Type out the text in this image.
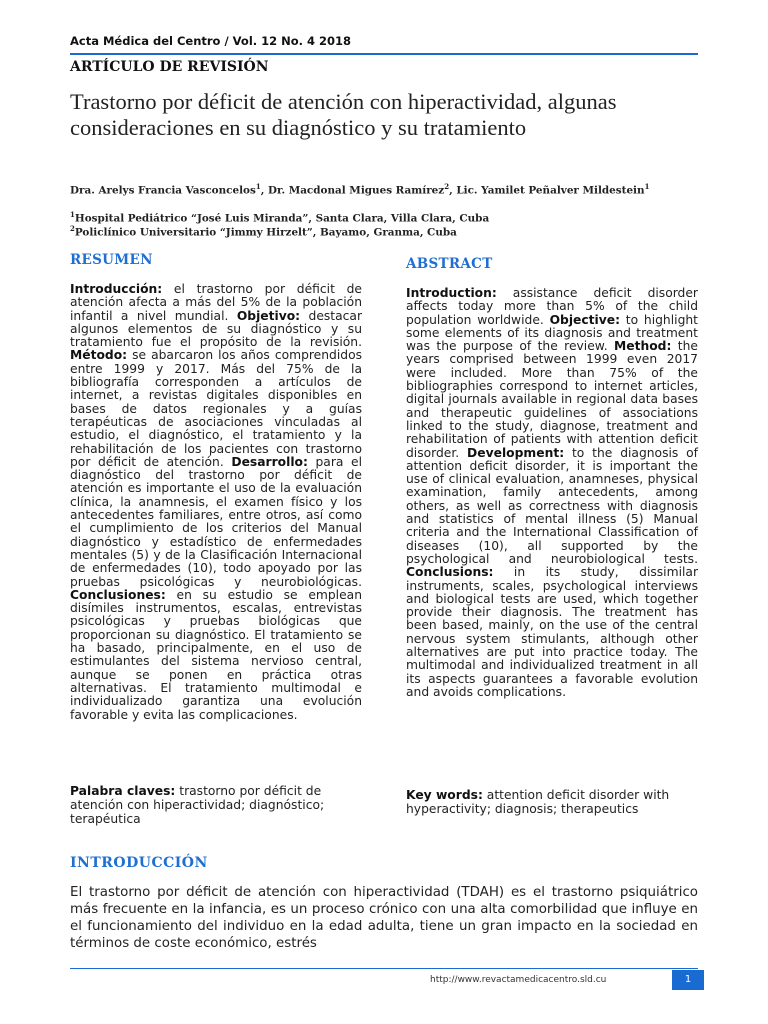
Acta Médica del Centro / Vol. 12 No. 4 2018
ARTÍCULO DE REVISIÓN
Trastorno por déficit de atención con hiperactividad, algunas consideraciones en su diagnóstico y su tratamiento
Dra. Arelys Francia Vasconcelos$^1$, Dr. Macdonal Migues Ramírez$^2$, Lic. Yamilet Peñalver Mildestein$^1$
$^1$Hospital Pediátrico “José Luis Miranda”, Santa Clara, Villa Clara, Cuba
$^2$Policlínico Universitario “Jimmy Hirzelt”, Bayamo, Granma, Cuba
RESUMEN

Introducción: el trastorno por déficit de atención afecta a más del 5% de la población infantil a nivel mundial. Objetivo: destacar algunos elementos de su diagnóstico y su tratamiento fue el propósito de la revisión. Método: se abarcaron los años comprendidos entre 1999 y 2017. Más del 75% de la bibliografía corresponden a artículos de internet, a revistas digitales disponibles en bases de datos regionales y a guías terapéuticas de asociaciones vinculadas al estudio, el diagnóstico, el tratamiento y la rehabilitación de los pacientes con trastorno por déficit de atención. Desarrollo: para el diagnóstico del trastorno por déficit de atención es importante el uso de la evaluación clínica, la anamnesis, el examen físico y los antecedentes familiares, entre otros, así como el cumplimiento de los criterios del Manual diagnóstico y estadístico de enfermedades mentales (5) y de la Clasificación Internacional de enfermedades (10), todo apoyado por las pruebas psicológicas y neurobiológicas. Conclusiones: en su estudio se emplean disímiles instrumentos, escalas, entrevistas psicológicas y pruebas biológicas que proporcionan su diagnóstico. El tratamiento se ha basado, principalmente, en el uso de estimulantes del sistema nervioso central, aunque se ponen en práctica otras alternativas. El tratamiento multimodal e individualizado garantiza una evolución favorable y evita las complicaciones.

Palabra claves: trastorno por déficit de atención con hiperactividad; diagnóstico; terapéutica

ABSTRACT

Introduction: assistance deficit disorder affects today more than 5% of the child population worldwide. Objective: to highlight some elements of its diagnosis and treatment was the purpose of the review. Method: the years comprised between 1999 even 2017 were included. More than 75% of the bibliographies correspond to internet articles, digital journals available in regional data bases and therapeutic guidelines of associations linked to the study, diagnose, treatment and rehabilitation of patients with attention deficit disorder. Development: to the diagnosis of attention deficit disorder, it is important the use of clinical evaluation, anamneses, physical examination, family antecedents, among others, as well as correctness with diagnosis and statistics of mental illness (5) Manual criteria and the International Classification of diseases (10), all supported by the psychological and neurobiological tests. Conclusions: in its study, dissimilar instruments, scales, psychological interviews and biological tests are used, which together provide their diagnosis. The treatment has been based, mainly, on the use of the central nervous system stimulants, although other alternatives are put into practice today. The multimodal and individualized treatment in all its aspects guarantees a favorable evolution and avoids complications.

Key words: attention deficit disorder with hyperactivity; diagnosis; therapeutics

INTRODUCCIÓN

El trastorno por déficit de atención con hiperactividad (TDAH) es el trastorno psiquiátrico más frecuente en la infancia, es un proceso crónico con una alta comorbilidad que influye en el funcionamiento del individuo en la edad adulta, tiene un gran impacto en la sociedad en términos de coste económico, estrés

http://www.revactamedicacentro.sld.cu	1
